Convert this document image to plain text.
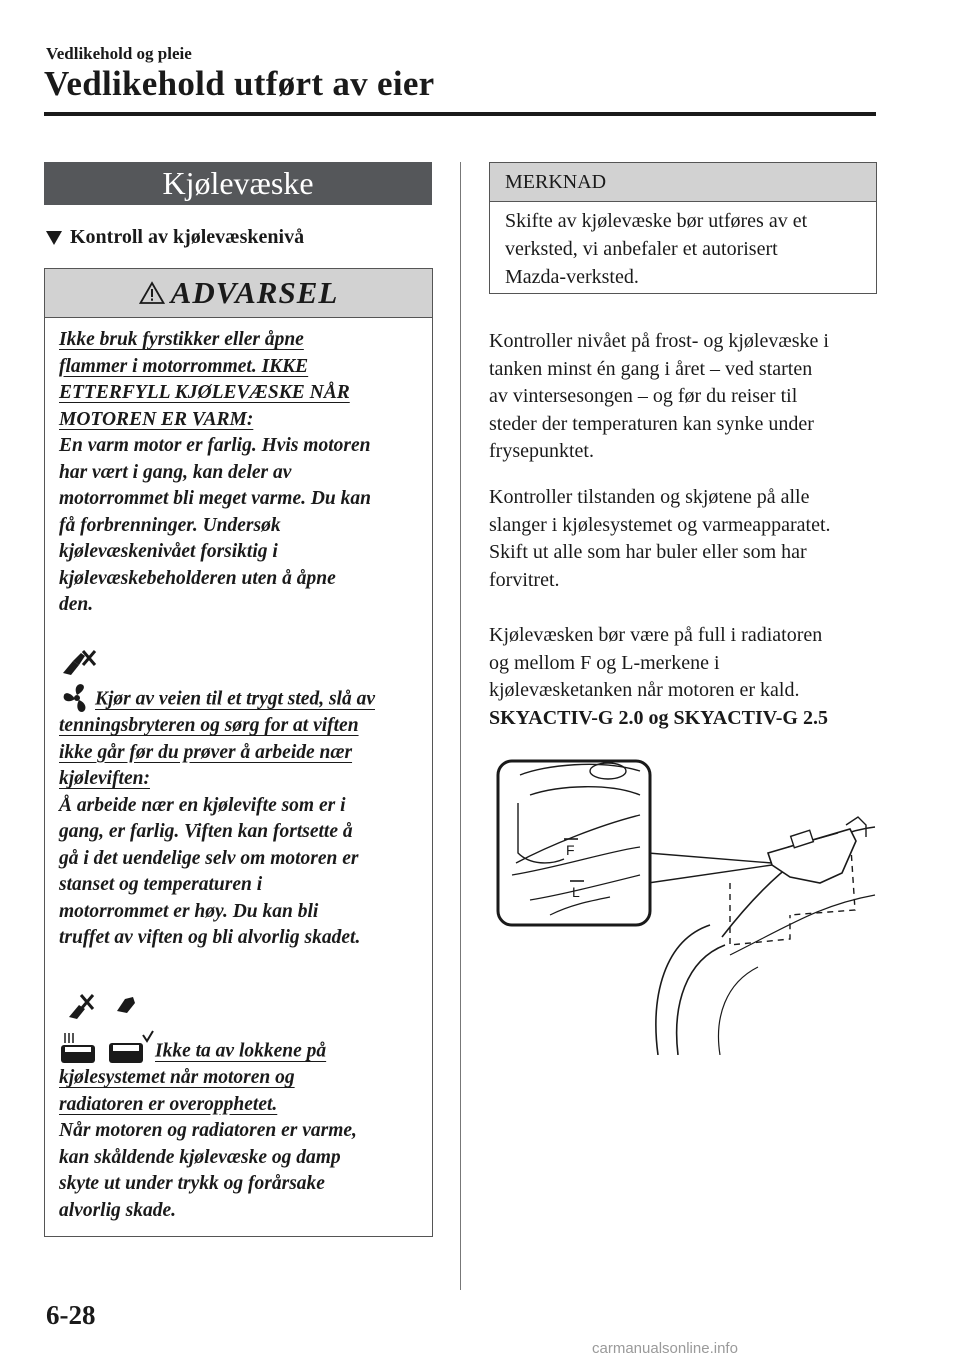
Vedlikehold og pleie
Vedlikehold utført av eier
Kjølevæske
Kontroll av kjølevæskenivå
ADVARSEL
Ikke bruk fyrstikker eller åpne
flammer i motorrommet. IKKE
ETTERFYLL KJØLEVÆSKE NÅR
MOTOREN ER VARM:
En varm motor er farlig. Hvis motoren
har vært i gang, kan deler av
motorrommet bli meget varme. Du kan
få forbrenninger. Undersøk
kjølevæskenivået forsiktig i
kjølevæskebeholderen uten å åpne
den.
Kjør av veien til et trygt sted, slå av
tenningsbryteren og sørg for at viften
ikke går før du prøver å arbeide nær
kjøleviften:
Å arbeide nær en kjølevifte som er i
gang, er farlig. Viften kan fortsette å
gå i det uendelige selv om motoren er
stanset og temperaturen i
motorrommet er høy. Du kan bli
truffet av viften og bli alvorlig skadet.
Ikke ta av lokkene på
kjølesystemet når motoren og
radiatoren er overopphetet.
Når motoren og radiatoren er varme,
kan skåldende kjølevæske og damp
skyte ut under trykk og forårsake
alvorlig skade.
MERKNAD
Skifte av kjølevæske bør utføres av et
verksted, vi anbefaler et autorisert
Mazda-verksted.
Kontroller nivået på frost- og kjølevæske i
tanken minst én gang i året – ved starten
av vintersesongen – og før du reiser til
steder der temperaturen kan synke under
frysepunktet.
Kontroller tilstanden og skjøtene på alle
slanger i kjølesystemet og varmeapparatet.
Skift ut alle som har buler eller som har
forvitret.
Kjølevæsken bør være på full i radiatoren
og mellom F og L-merkene i
kjølevæsketanken når motoren er kald.
SKYACTIV-G 2.0 og SKYACTIV-G 2.5
F
L
6-28
carmanualsonline.info
